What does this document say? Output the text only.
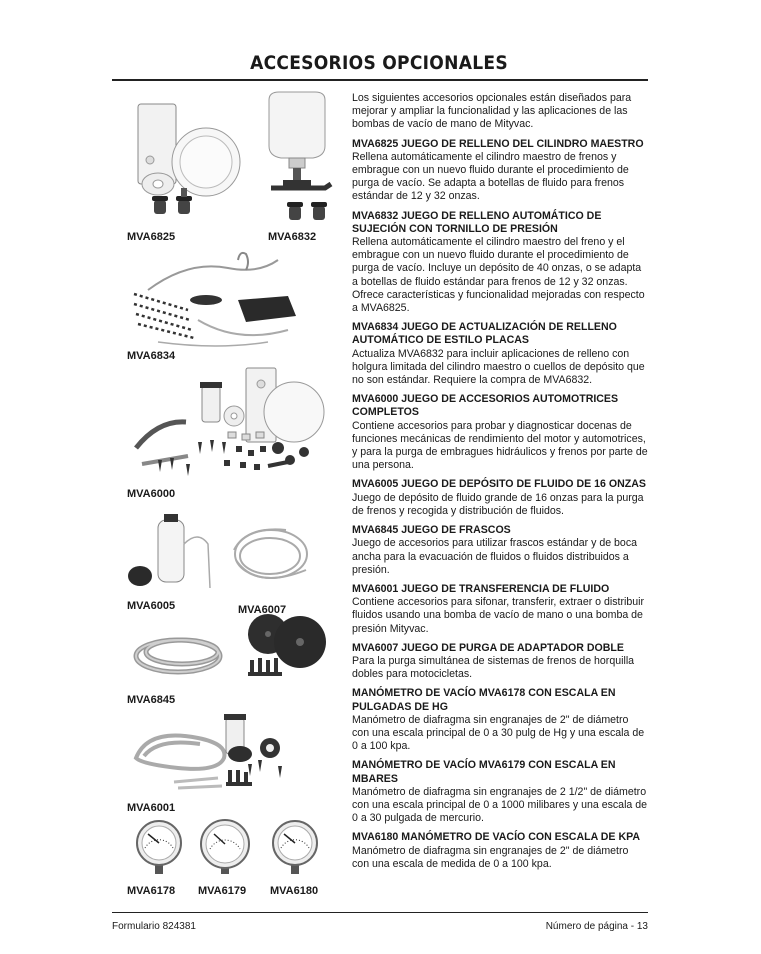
ACCESORIOS OPCIONALES
MVA6825	MVA6832
MVA6834
MVA6000
MVA6005	MVA6007
MVA6845
MVA6001
MVA6178 MVA6179 MVA6180

Los siguientes accesorios opcionales están diseñados para mejorar y ampliar la funcionalidad y las aplicaciones de las bombas de vacío de mano de Mityvac.

MVA6825 JUEGO DE RELLENO DEL CILINDRO MAESTRO

Rellena automáticamente el cilindro maestro de frenos y embrague con un nuevo fluido durante el procedimiento de purga de vacío. Se adapta a botellas de fluido para frenos estándar de 12 y 32 onzas.

MVA6832 JUEGO DE RELLENO AUTOMÁTICO DE SUJECIÓN CON TORNILLO DE PRESIÓN

Rellena automáticamente el cilindro maestro del freno y el embrague con un nuevo fluido durante el procedimiento de purga de vacío. Incluye un depósito de 40 onzas, o se adapta a botellas de fluido estándar para frenos de 12 y 32 onzas. Ofrece características y funcionalidad mejoradas con respecto a MVA6825.

MVA6834 JUEGO DE ACTUALIZACIÓN DE RELLENO AUTOMÁTICO DE ESTILO PLACAS

Actualiza MVA6832 para incluir aplicaciones de relleno con holgura limitada del cilindro maestro o cuellos de depósito que no son estándar. Requiere la compra de MVA6832.

MVA6000 JUEGO DE ACCESORIOS AUTOMOTRICES COMPLETOS

Contiene accesorios para probar y diagnosticar docenas de funciones mecánicas de rendimiento del motor y automotrices, y para la purga de embragues hidráulicos y frenos por parte de una persona.

MVA6005 JUEGO DE DEPÓSITO DE FLUIDO DE 16 ONZAS

Juego de depósito de fluido grande de 16 onzas para la purga de frenos y recogida y distribución de fluidos.

MVA6845 JUEGO DE FRASCOS

Juego de accesorios para utilizar frascos estándar y de boca ancha para la evacuación de fluidos o fluidos distribuidos a presión.

MVA6001 JUEGO DE TRANSFERENCIA DE FLUIDO

Contiene accesorios para sifonar, transferir, extraer o distribuir fluidos usando una bomba de vacío de mano o una bomba de presión Mityvac.

MVA6007 JUEGO DE PURGA DE ADAPTADOR DOBLE

Para la purga simultánea de sistemas de frenos de horquilla dobles para motocicletas.

MANÓMETRO DE VACÍO MVA6178 CON ESCALA EN PULGADAS DE HG

Manómetro de diafragma sin engranajes de 2" de diámetro con una escala principal de 0 a 30 pulg de Hg y una escala de 0 a 100 kpa.

MANÓMETRO DE VACÍO MVA6179 CON ESCALA EN MBARES

Manómetro de diafragma sin engranajes de 2 1/2" de diámetro con una escala principal de 0 a 1000 milibares y una escala de 0 a 30 pulgada de mercurio.

MVA6180 MANÓMETRO DE VACÍO CON ESCALA DE KPA

Manómetro de diafragma sin engranajes de 2" de diámetro con una escala de medida de 0 a 100 kpa.

Formulario 824381	Número de página - 13
